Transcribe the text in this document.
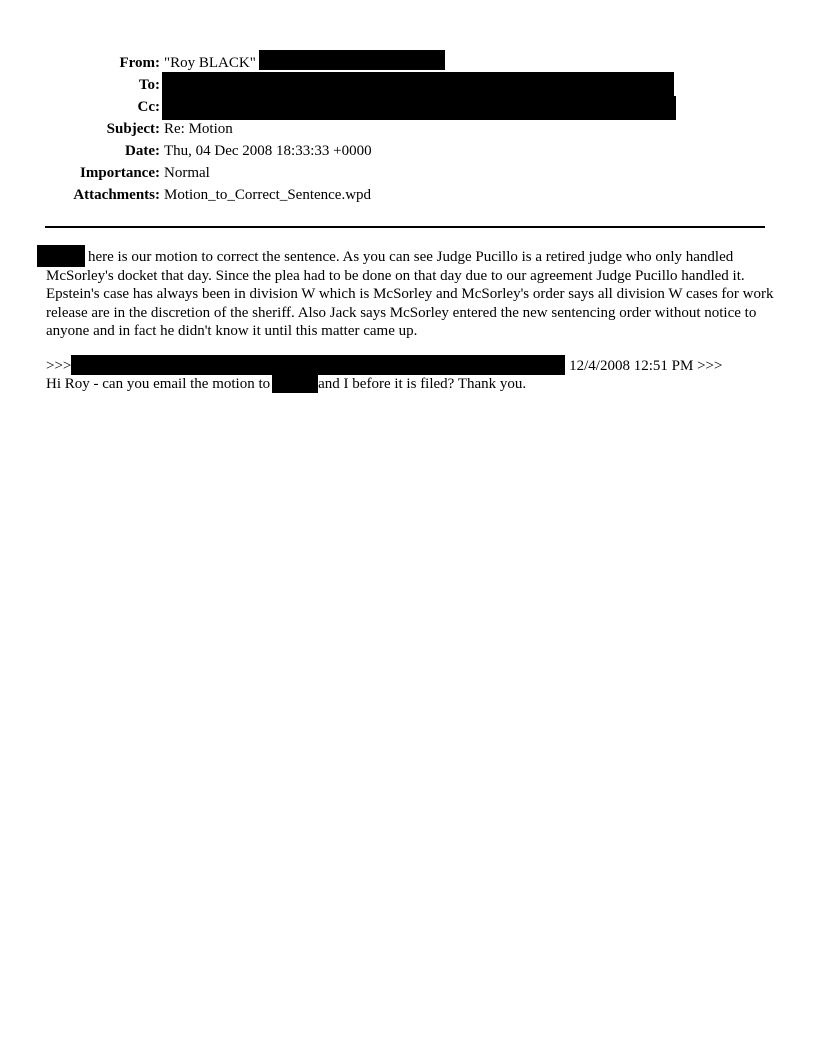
From: "Roy BLACK"
To:
Cc:
Subject: Re: Motion
Date: Thu, 04 Dec 2008 18:33:33 +0000
Importance: Normal
Attachments: Motion_to_Correct_Sentence.wpd

here is our motion to correct the sentence. As you can see Judge Pucillo is a retired judge who only handled McSorley's docket that day. Since the plea had to be done on that day due to our agreement Judge Pucillo handled it. Epstein's case has always been in division W which is McSorley and McSorley's order says all division W cases for work release are in the discretion of the sheriff. Also Jack says McSorley entered the new sentencing order without notice to anyone and in fact he didn't know it until this matter came up.

>>>	12/4/2008 12:51 PM >>>
Hi Roy - can you email the motion to	and I before it is filed? Thank you.
